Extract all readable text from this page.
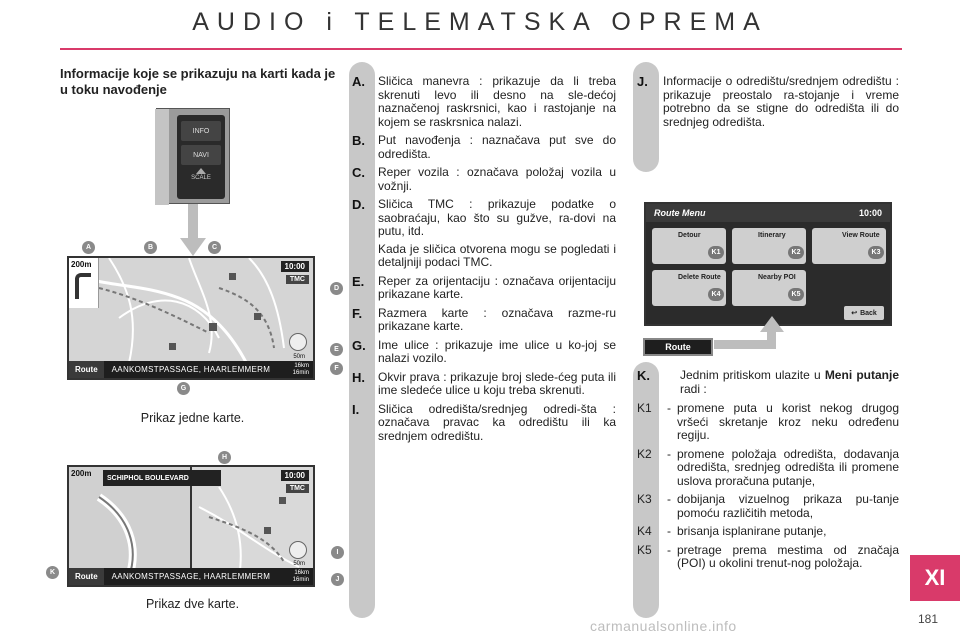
AUDIO i TELEMATSKA OPREMA
Informacije koje se prikazuju na karti kada je u toku navođenje
A.	Sličica manevra : prikazuje da li treba skrenuti levo ili desno na sle-dećoj naznačenoj raskrsnici, kao i rastojanje na kojem se raskrsnica nalazi.

B.	Put navođenja : naznačava put sve do odredišta.

C.	Reper vozila : označava položaj vozila u vožnji.

D.	Sličica TMC : prikazuje podatke o saobraćaju, kao što su gužve, ra-dovi na putu, itd.

Kada je sličica otvorena mogu se pogledati i detaljniji podaci TMC.

E.	Reper za orijentaciju : označava orijentaciju prikazane karte.

F.	Razmera karte : označava razme-ru prikazane karte.

G.	Ime ulice : prikazuje ime ulice u ko-joj se nalazi vozilo.

H.	Okvir prava : prikazuje broj slede-ćeg puta ili ime sledeće ulice u koju treba skrenuti.

I.	Sličica odredišta/srednjeg odredi-šta : označava pravac ka odredištu ili ka srednjem odredištu.

J.	Informacije o odredištu/srednjem odredištu : prikazuje preostalo ra-stojanje i vreme potrebno da se stigne do odredišta ili do srednjeg odredišta.

K.	Jednim pritiskom ulazite u Meni putanje radi :
K1	- promene puta u korist nekog drugog vršeći skretanje kroz neku određenu regiju.
K2	- promene položaja odredišta, dodavanja odredišta, srednjeg odredišta ili promene uslova proračuna putanje,
K3	- dobijanja vizuelnog prikaza pu-tanje pomoću različitih metoda,
K4	- brisanja isplanirane putanje,
K5	- pretrage prema mestima od značaja (POI) u okolini trenut-nog položaja.
INFO
NAVI
SCALE
200m	10:00
TMC
50m
Route	AANKOMSTPASSAGE, HAARLEMMERM	16km
16min
A	B	C
D
E
F
G
Prikaz jedne karte.
200m SCHIPHOL BOULEVARD	10:00
TMC
50m
Route	AANKOMSTPASSAGE, HAARLEMMERM	16km
16min
H
I
J
K
Prikaz dve karte.
Route Menu	10:00
Detour
K1
Itinerary
K2
View Route
K3
Delete Route
K4
Nearby POI
K5
↩ Back
Route
XI
181
carmanualsonline.info
